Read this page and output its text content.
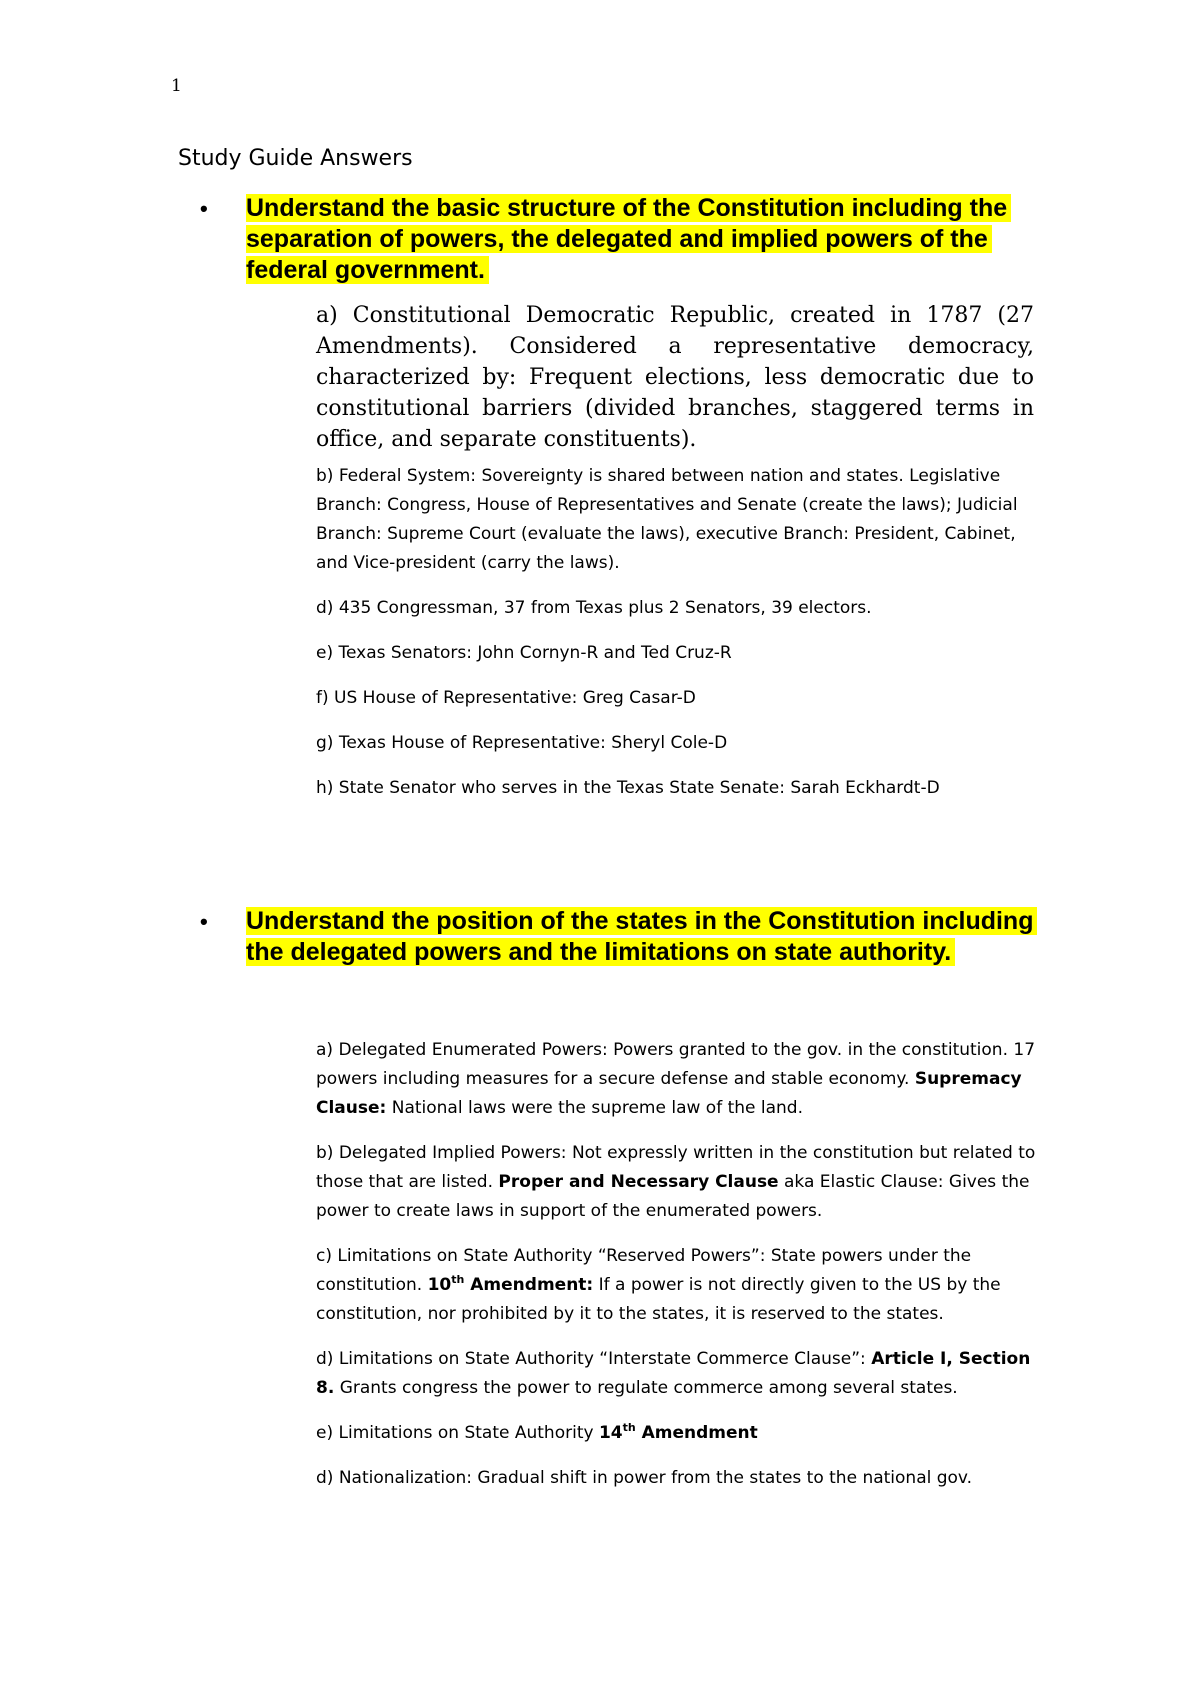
1
Study Guide Answers
• Understand the basic structure of the Constitution including the separation of powers, the delegated and implied powers of the federal government.

a) Constitutional Democratic Republic, created in 1787 (27 Amendments). Considered a representative democracy, characterized by: Frequent elections, less democratic due to constitutional barriers (divided branches, staggered terms in office, and separate constituents).

b) Federal System: Sovereignty is shared between nation and states. Legislative Branch: Congress, House of Representatives and Senate (create the laws); Judicial Branch: Supreme Court (evaluate the laws), executive Branch: President, Cabinet, and Vice-president (carry the laws).

d) 435 Congressman, 37 from Texas plus 2 Senators, 39 electors.

e) Texas Senators: John Cornyn-R and Ted Cruz-R

f) US House of Representative: Greg Casar-D

g) Texas House of Representative: Sheryl Cole-D

h) State Senator who serves in the Texas State Senate: Sarah Eckhardt-D

• Understand the position of the states in the Constitution including the delegated powers and the limitations on state authority.

a) Delegated Enumerated Powers: Powers granted to the gov. in the constitution. 17 powers including measures for a secure defense and stable economy. Supremacy Clause: National laws were the supreme law of the land.

b) Delegated Implied Powers: Not expressly written in the constitution but related to those that are listed. Proper and Necessary Clause aka Elastic Clause: Gives the power to create laws in support of the enumerated powers.

c) Limitations on State Authority “Reserved Powers”: State powers under the constitution. 10th Amendment: If a power is not directly given to the US by the constitution, nor prohibited by it to the states, it is reserved to the states.

d) Limitations on State Authority “Interstate Commerce Clause”: Article I, Section 8. Grants congress the power to regulate commerce among several states.

e) Limitations on State Authority 14th Amendment

d) Nationalization: Gradual shift in power from the states to the national gov.
